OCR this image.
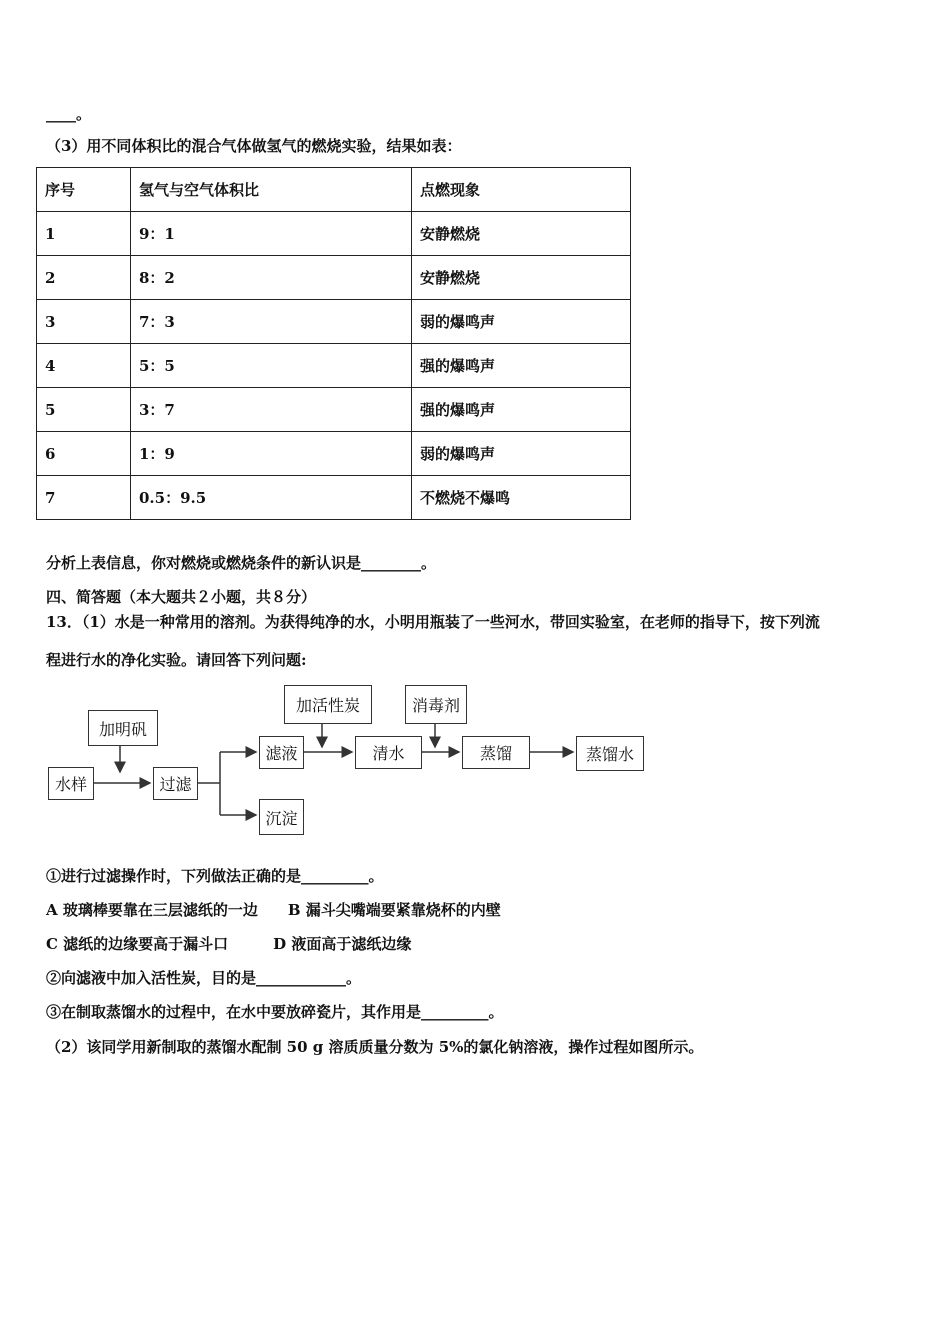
____。
（3）用不同体积比的混合气体做氢气的燃烧实验，结果如表：
序号	氢气与空气体积比	点燃现象
1	9：1	安静燃烧
2	8：2	安静燃烧
3	7：3	弱的爆鸣声
4	5：5	强的爆鸣声
5	3：7	强的爆鸣声
6	1：9	弱的爆鸣声
7	0.5：9.5	不燃烧不爆鸣
分析上表信息，你对燃烧或燃烧条件的新认识是________。
四、简答题（本大题共２小题，共８分）
13．（1）水是一种常用的溶剂。为获得纯净的水，小明用瓶装了一些河水，带回实验室，在老师的指导下，按下列流
程进行水的净化实验。请回答下列问题:
加明矾
水样	过滤
滤液
沉淀
加活性炭
清水
消毒剂
蒸馏	蒸馏水
①进行过滤操作时，下列做法正确的是_________。
A 玻璃棒要靠在三层滤纸的一边　　B 漏斗尖嘴端要紧靠烧杯的内壁
C 滤纸的边缘要高于漏斗口　　　D 液面高于滤纸边缘
②向滤液中加入活性炭，目的是____________。
③在制取蒸馏水的过程中，在水中要放碎瓷片，其作用是_________。
（2）该同学用新制取的蒸馏水配制 50 g 溶质质量分数为 5%的氯化钠溶液，操作过程如图所示。
